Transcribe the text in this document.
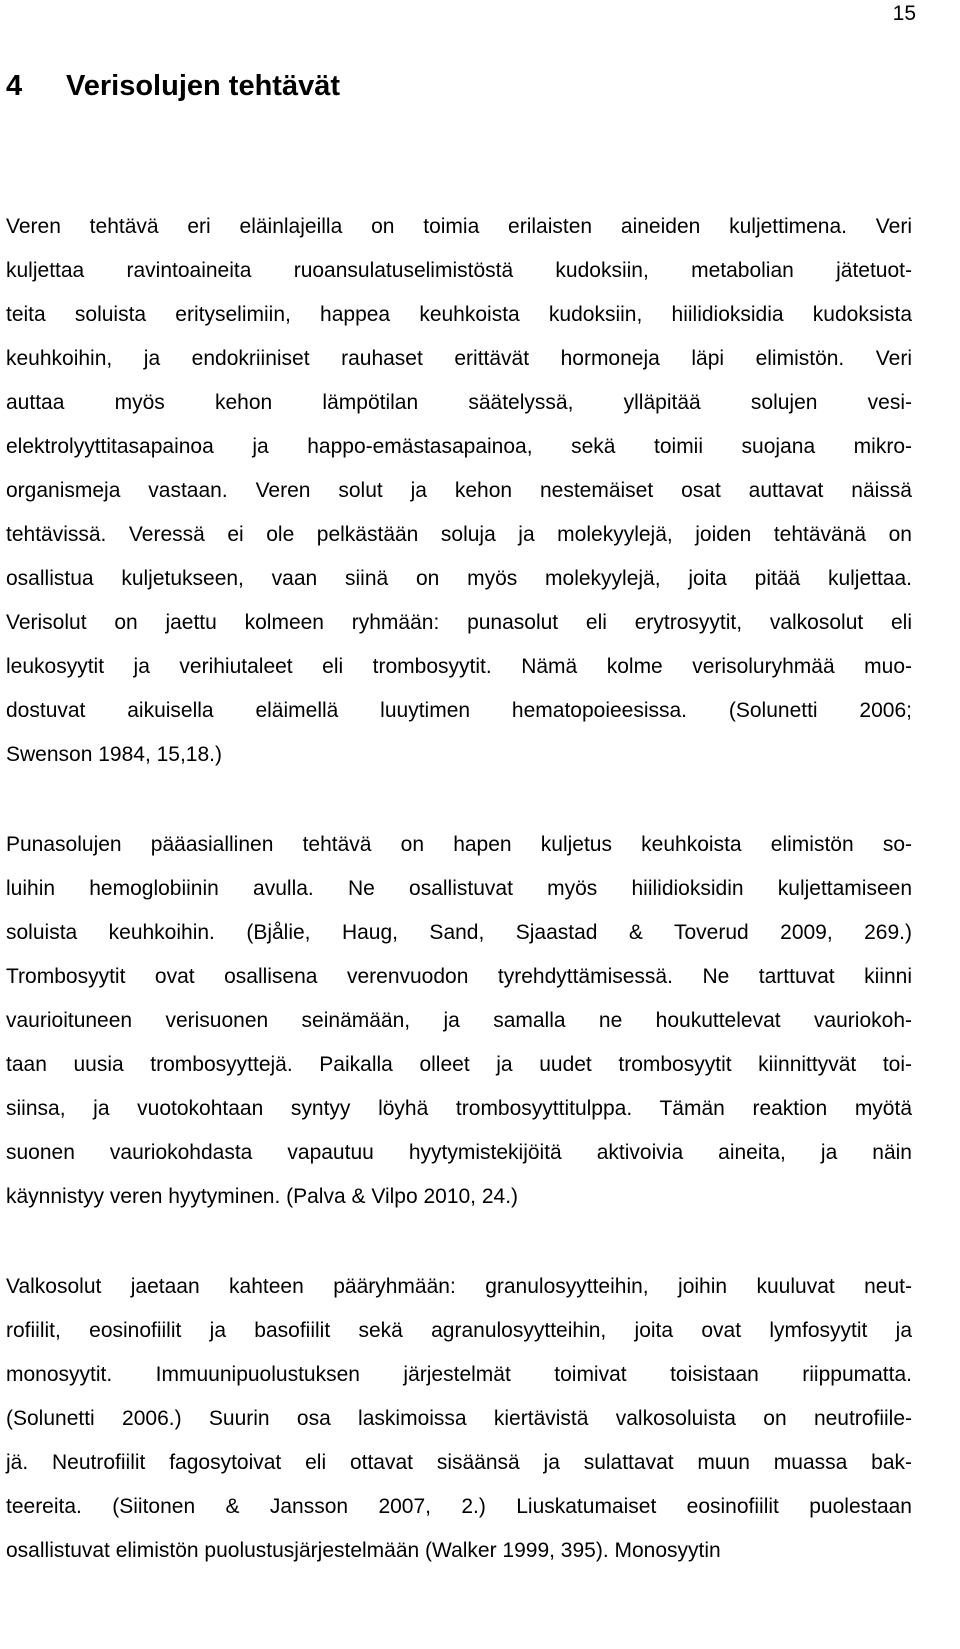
15
4 Verisolujen tehtävät
Veren tehtävä eri eläinlajeilla on toimia erilaisten aineiden kuljettimena. Veri
kuljettaa ravintoaineita ruoansulatuselimistöstä kudoksiin, metabolian jätetuot-
teita soluista erityselimiin, happea keuhkoista kudoksiin, hiilidioksidia kudoksista
keuhkoihin, ja endokriiniset rauhaset erittävät hormoneja läpi elimistön. Veri
auttaa myös kehon lämpötilan säätelyssä, ylläpitää solujen vesi-
elektrolyyttitasapainoa ja happo-emästasapainoa, sekä toimii suojana mikro-
organismeja vastaan. Veren solut ja kehon nestemäiset osat auttavat näissä
tehtävissä. Veressä ei ole pelkästään soluja ja molekyylejä, joiden tehtävänä on
osallistua kuljetukseen, vaan siinä on myös molekyylejä, joita pitää kuljettaa.
Verisolut on jaettu kolmeen ryhmään: punasolut eli erytrosyytit, valkosolut eli
leukosyytit ja verihiutaleet eli trombosyytit. Nämä kolme verisoluryhmää muo-
dostuvat aikuisella eläimellä luuytimen hematopoieesissa. (Solunetti 2006;
Swenson 1984, 15,18.)
Punasolujen pääasiallinen tehtävä on hapen kuljetus keuhkoista elimistön so-
luihin hemoglobiinin avulla. Ne osallistuvat myös hiilidioksidin kuljettamiseen
soluista keuhkoihin. (Bjålie, Haug, Sand, Sjaastad & Toverud 2009, 269.)
Trombosyytit ovat osallisena verenvuodon tyrehdyttämisessä. Ne tarttuvat kiinni
vaurioituneen verisuonen seinämään, ja samalla ne houkuttelevat vauriokoh-
taan uusia trombosyyttejä. Paikalla olleet ja uudet trombosyytit kiinnittyvät toi-
siinsa, ja vuotokohtaan syntyy löyhä trombosyyttitulppa. Tämän reaktion myötä
suonen vauriokohdasta vapautuu hyytymistekijöitä aktivoivia aineita, ja näin
käynnistyy veren hyytyminen. (Palva & Vilpo 2010, 24.)
Valkosolut jaetaan kahteen pääryhmään: granulosyytteihin, joihin kuuluvat neut-
rofiilit, eosinofiilit ja basofiilit sekä agranulosyytteihin, joita ovat lymfosyytit ja
monosyytit. Immuunipuolustuksen järjestelmät toimivat toisistaan riippumatta.
(Solunetti 2006.) Suurin osa laskimoissa kiertävistä valkosoluista on neutrofiile-
jä. Neutrofiilit fagosytoivat eli ottavat sisäänsä ja sulattavat muun muassa bak-
teereita. (Siitonen & Jansson 2007, 2.) Liuskatumaiset eosinofiilit puolestaan
osallistuvat elimistön puolustusjärjestelmään (Walker 1999, 395). Monosyytin
